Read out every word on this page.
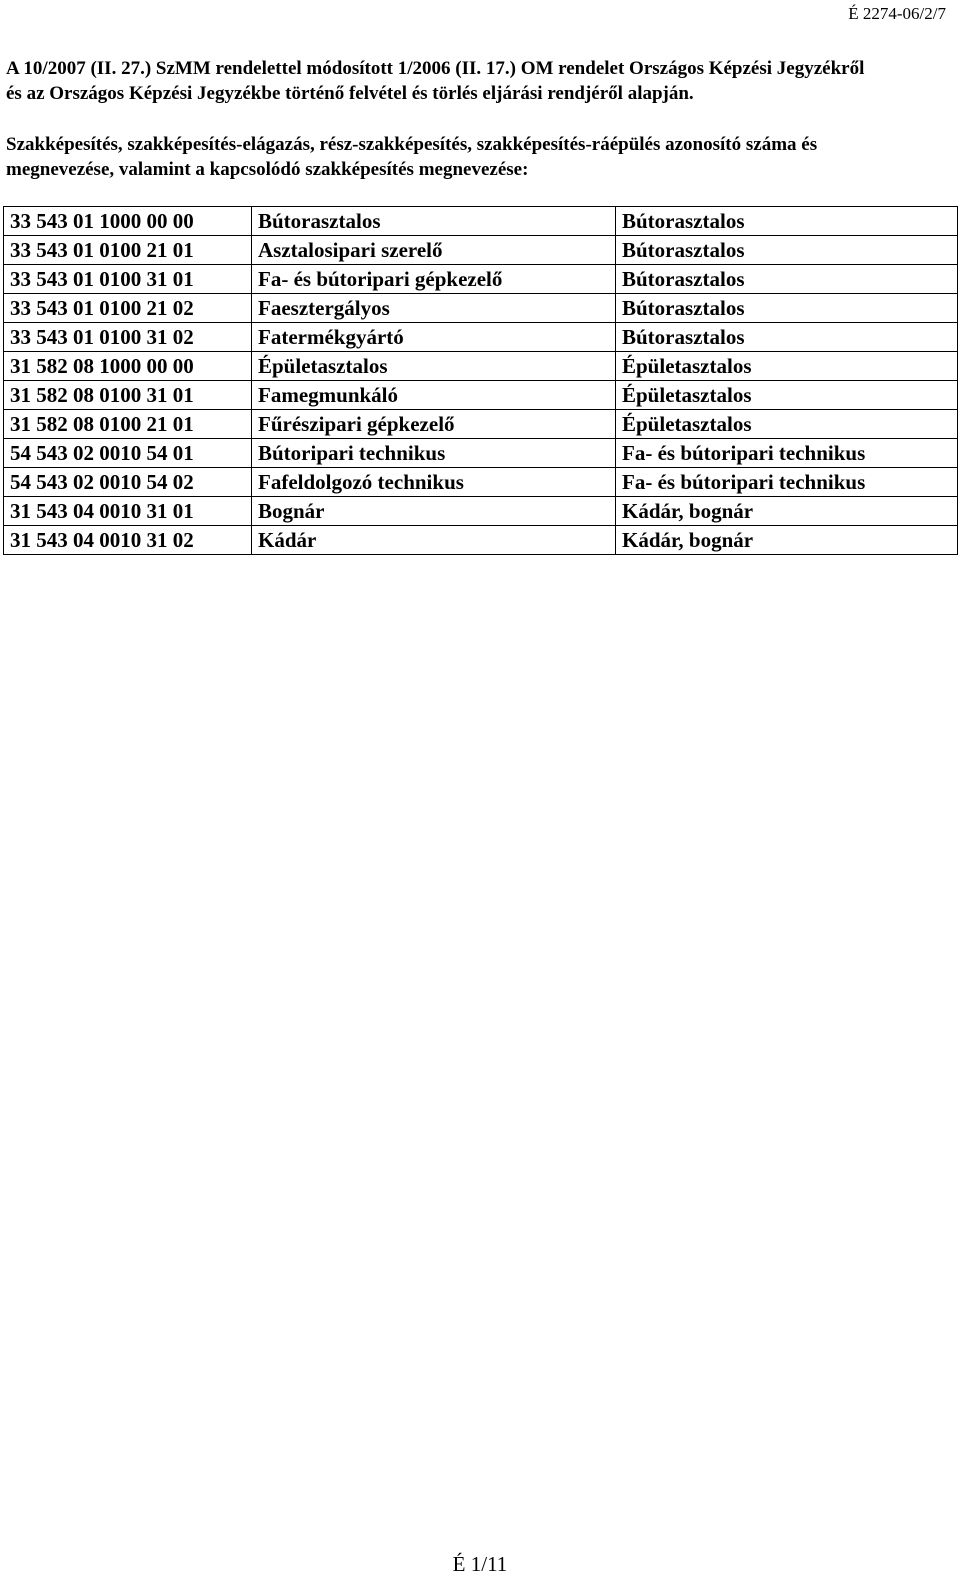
É 2274-06/2/7

A 10/2007 (II. 27.) SzMM rendelettel módosított 1/2006 (II. 17.) OM rendelet Országos Képzési Jegyzékről

és az Országos Képzési Jegyzékbe történő felvétel és törlés eljárási rendjéről alapján.

Szakképesítés, szakképesítés-elágazás, rész-szakképesítés, szakképesítés-ráépülés azonosító száma és

megnevezése, valamint a kapcsolódó szakképesítés megnevezése:

33 543 01 1000 00 00	Bútorasztalos	Bútorasztalos
33 543 01 0100 21 01	Asztalosipari szerelő	Bútorasztalos
33 543 01 0100 31 01	Fa- és bútoripari gépkezelő	Bútorasztalos
33 543 01 0100 21 02	Faesztergályos	Bútorasztalos
33 543 01 0100 31 02	Fatermékgyártó	Bútorasztalos
31 582 08 1000 00 00	Épületasztalos	Épületasztalos
31 582 08 0100 31 01	Famegmunkáló	Épületasztalos
31 582 08 0100 21 01	Fűrészipari gépkezelő	Épületasztalos
54 543 02 0010 54 01	Bútoripari technikus	Fa- és bútoripari technikus
54 543 02 0010 54 02	Fafeldolgozó technikus	Fa- és bútoripari technikus
31 543 04 0010 31 01	Bognár	Kádár, bognár
31 543 04 0010 31 02	Kádár	Kádár, bognár
É 1/11
